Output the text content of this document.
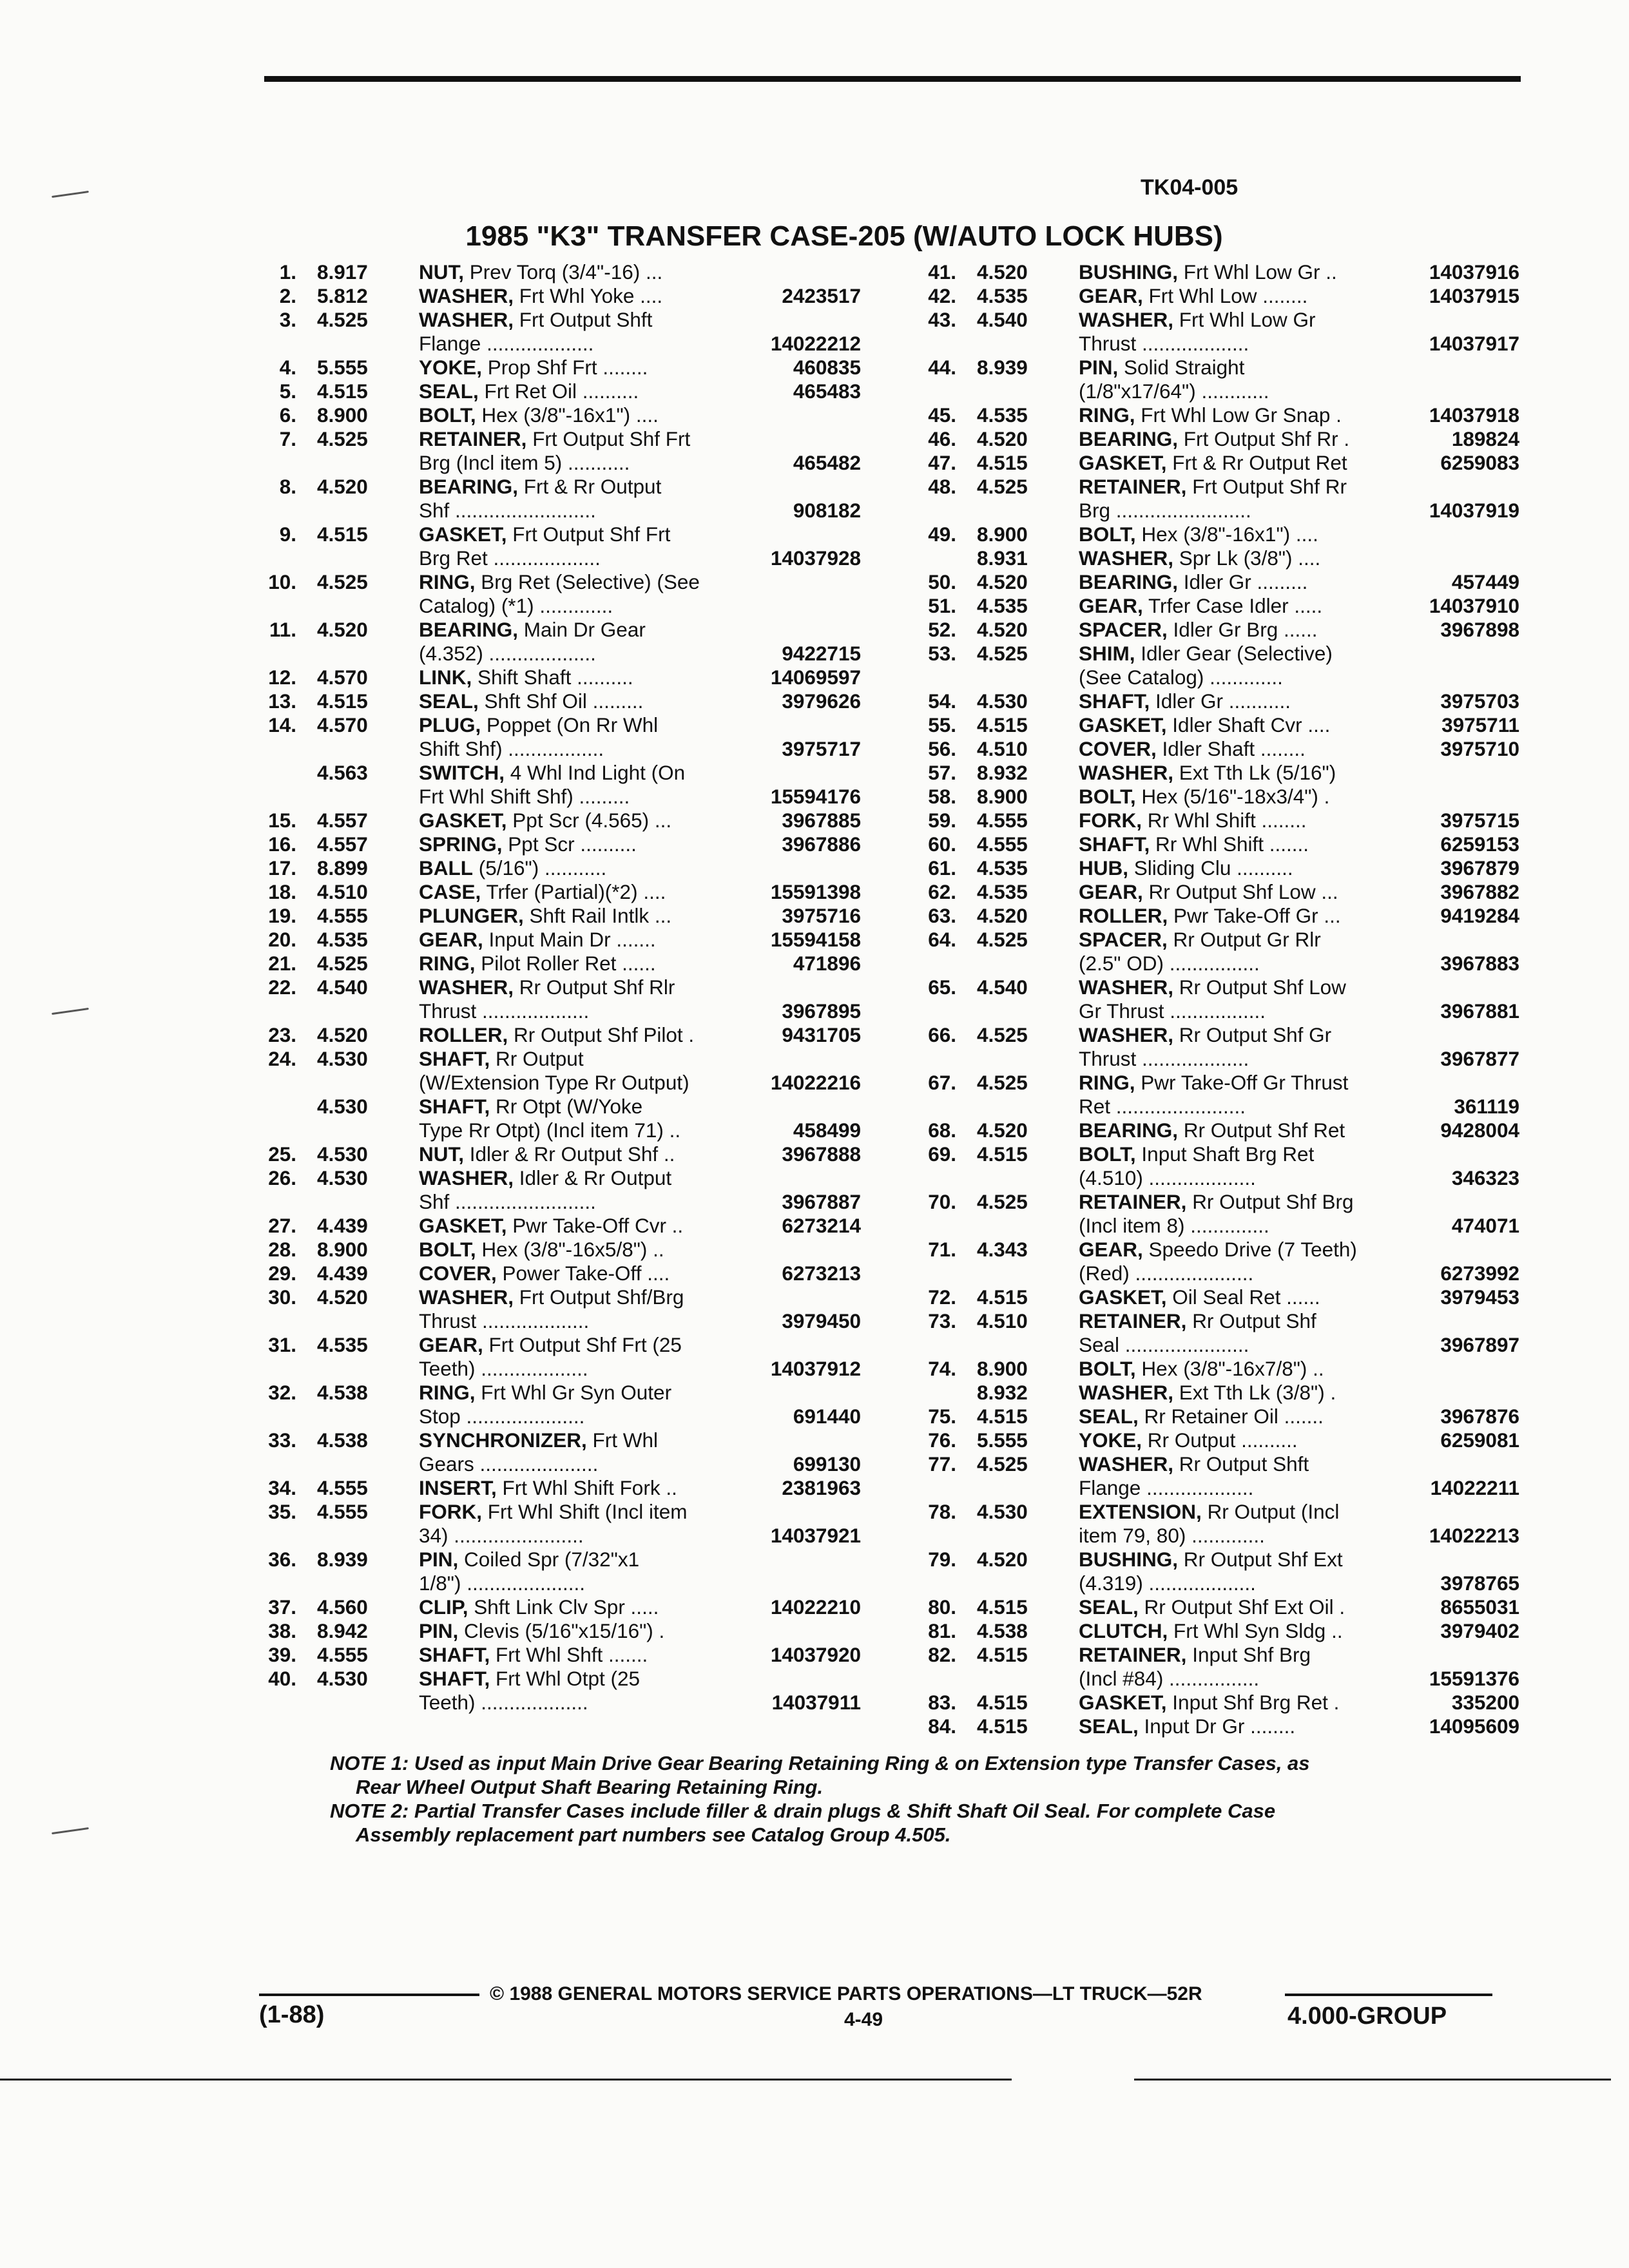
TK04-005
1985 "K3" TRANSFER CASE-205 (W/AUTO LOCK HUBS)
1. 8.917	NUT, Prev Torq (3/4"-16) ...
2. 5.812	WASHER, Frt Whl Yoke ....	2423517
3. 4.525	WASHER, Frt Output Shft
Flange ...................	14022212
4. 5.555	YOKE, Prop Shf Frt ........	460835
5. 4.515	SEAL, Frt Ret Oil ..........	465483
6. 8.900	BOLT, Hex (3/8"-16x1") ....
7. 4.525	RETAINER, Frt Output Shf Frt
Brg (Incl item 5) ...........	465482
8. 4.520	BEARING, Frt & Rr Output
Shf .........................	908182
9. 4.515	GASKET, Frt Output Shf Frt
Brg Ret ...................	14037928
10. 4.525	RING, Brg Ret (Selective) (See
Catalog) (*1) .............
11. 4.520	BEARING, Main Dr Gear
(4.352) ...................	9422715
12. 4.570	LINK, Shift Shaft ..........	14069597
13. 4.515	SEAL, Shft Shf Oil .........	3979626
14. 4.570	PLUG, Poppet (On Rr Whl
Shift Shf) .................	3975717
4.563	SWITCH, 4 Whl Ind Light (On
Frt Whl Shift Shf) .........	15594176
15. 4.557	GASKET, Ppt Scr (4.565) ...	3967885
16. 4.557	SPRING, Ppt Scr ..........	3967886
17. 8.899	BALL (5/16") ...........
18. 4.510	CASE, Trfer (Partial)(*2) ....	15591398
19. 4.555	PLUNGER, Shft Rail Intlk ...	3975716
20. 4.535	GEAR, Input Main Dr .......	15594158
21. 4.525	RING, Pilot Roller Ret ......	471896
22. 4.540	WASHER, Rr Output Shf Rlr
Thrust ...................	3967895
23. 4.520	ROLLER, Rr Output Shf Pilot .	9431705
24. 4.530	SHAFT, Rr Output
(W/Extension Type Rr Output)	14022216
4.530	SHAFT, Rr Otpt (W/Yoke
Type Rr Otpt) (Incl item 71) ..	458499
25. 4.530	NUT, Idler & Rr Output Shf ..	3967888
26. 4.530	WASHER, Idler & Rr Output
Shf .........................	3967887
27. 4.439	GASKET, Pwr Take-Off Cvr ..	6273214
28. 8.900	BOLT, Hex (3/8"-16x5/8") ..
29. 4.439	COVER, Power Take-Off ....	6273213
30. 4.520	WASHER, Frt Output Shf/Brg
Thrust ...................	3979450
31. 4.535	GEAR, Frt Output Shf Frt (25
Teeth) ...................	14037912
32. 4.538	RING, Frt Whl Gr Syn Outer
Stop .....................	691440
33. 4.538	SYNCHRONIZER, Frt Whl
Gears .....................	699130
34. 4.555	INSERT, Frt Whl Shift Fork ..	2381963
35. 4.555	FORK, Frt Whl Shift (Incl item
34) .......................	14037921
36. 8.939	PIN, Coiled Spr (7/32"x1
1/8") .....................
37. 4.560	CLIP, Shft Link Clv Spr .....	14022210
38. 8.942	PIN, Clevis (5/16"x15/16") .
39. 4.555	SHAFT, Frt Whl Shft .......	14037920
40. 4.530	SHAFT, Frt Whl Otpt (25
Teeth) ...................	14037911
41. 4.520	BUSHING, Frt Whl Low Gr ..	14037916
42. 4.535	GEAR, Frt Whl Low ........	14037915
43. 4.540	WASHER, Frt Whl Low Gr
Thrust ...................	14037917
44. 8.939	PIN, Solid Straight
(1/8"x17/64") ............
45. 4.535	RING, Frt Whl Low Gr Snap .	14037918
46. 4.520	BEARING, Frt Output Shf Rr .	189824
47. 4.515	GASKET, Frt & Rr Output Ret	6259083
48. 4.525	RETAINER, Frt Output Shf Rr
Brg ........................	14037919
49. 8.900	BOLT, Hex (3/8"-16x1") ....
8.931	WASHER, Spr Lk (3/8") ....
50. 4.520	BEARING, Idler Gr .........	457449
51. 4.535	GEAR, Trfer Case Idler .....	14037910
52. 4.520	SPACER, Idler Gr Brg ......	3967898
53. 4.525	SHIM, Idler Gear (Selective)
(See Catalog) .............
54. 4.530	SHAFT, Idler Gr ...........	3975703
55. 4.515	GASKET, Idler Shaft Cvr ....	3975711
56. 4.510	COVER, Idler Shaft ........	3975710
57. 8.932	WASHER, Ext Tth Lk (5/16")
58. 8.900	BOLT, Hex (5/16"-18x3/4") .
59. 4.555	FORK, Rr Whl Shift ........	3975715
60. 4.555	SHAFT, Rr Whl Shift .......	6259153
61. 4.535	HUB, Sliding Clu ..........	3967879
62. 4.535	GEAR, Rr Output Shf Low ...	3967882
63. 4.520	ROLLER, Pwr Take-Off Gr ...	9419284
64. 4.525	SPACER, Rr Output Gr Rlr
(2.5" OD) ................	3967883
65. 4.540	WASHER, Rr Output Shf Low
Gr Thrust .................	3967881
66. 4.525	WASHER, Rr Output Shf Gr
Thrust ...................	3967877
67. 4.525	RING, Pwr Take-Off Gr Thrust
Ret .......................	361119
68. 4.520	BEARING, Rr Output Shf Ret	9428004
69. 4.515	BOLT, Input Shaft Brg Ret
(4.510) ...................	346323
70. 4.525	RETAINER, Rr Output Shf Brg
(Incl item 8) ..............	474071
71. 4.343	GEAR, Speedo Drive (7 Teeth)
(Red) .....................	6273992
72. 4.515	GASKET, Oil Seal Ret ......	3979453
73. 4.510	RETAINER, Rr Output Shf
Seal ......................	3967897
74. 8.900	BOLT, Hex (3/8"-16x7/8") ..
8.932	WASHER, Ext Tth Lk (3/8") .
75. 4.515	SEAL, Rr Retainer Oil .......	3967876
76. 5.555	YOKE, Rr Output ..........	6259081
77. 4.525	WASHER, Rr Output Shft
Flange ...................	14022211
78. 4.530	EXTENSION, Rr Output (Incl
item 79, 80) .............	14022213
79. 4.520	BUSHING, Rr Output Shf Ext
(4.319) ...................	3978765
80. 4.515	SEAL, Rr Output Shf Ext Oil .	8655031
81. 4.538	CLUTCH, Frt Whl Syn Sldg ..	3979402
82. 4.515	RETAINER, Input Shf Brg
(Incl #84) ................	15591376
83. 4.515	GASKET, Input Shf Brg Ret .	335200
84. 4.515	SEAL, Input Dr Gr ........	14095609
NOTE 1: Used as input Main Drive Gear Bearing Retaining Ring & on Extension type Transfer Cases, as
Rear Wheel Output Shaft Bearing Retaining Ring.
NOTE 2: Partial Transfer Cases include filler & drain plugs & Shift Shaft Oil Seal. For complete Case
Assembly replacement part numbers see Catalog Group 4.505.
© 1988 GENERAL MOTORS SERVICE PARTS OPERATIONS—LT TRUCK—52R
(1-88)	4-49	4.000-GROUP
